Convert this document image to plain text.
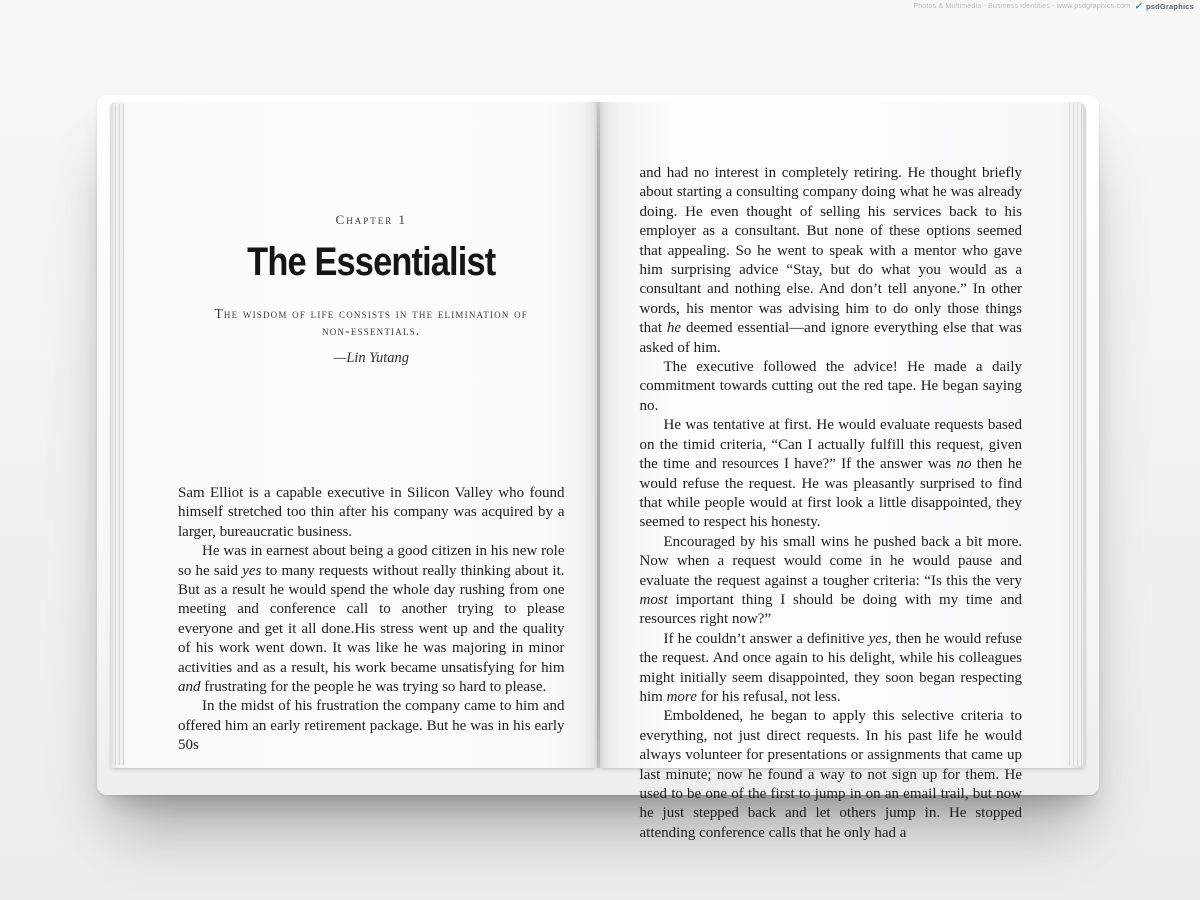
Photos & Multimedia - Business identities - www.psdgraphics.com ✓ psdGraphics
Chapter 1
The Essentialist
The wisdom of life consists in the elimination of non-essentials.
—Lin Yutang

Sam Elliot is a capable executive in Silicon Valley who found himself stretched too thin after his company was acquired by a larger, bureaucratic business.

He was in earnest about being a good citizen in his new role so he said yes to many requests without really thinking about it. But as a result he would spend the whole day rushing from one meeting and conference call to another trying to please everyone and get it all done.His stress went up and the quality of his work went down. It was like he was majoring in minor activities and as a result, his work became unsatisfying for him and frustrating for the people he was trying so hard to please.

In the midst of his frustration the company came to him and offered him an early retirement package. But he was in his early 50s

and had no interest in completely retiring. He thought briefly about starting a consulting company doing what he was already doing. He even thought of selling his services back to his employer as a consultant. But none of these options seemed that appealing. So he went to speak with a mentor who gave him surprising advice “Stay, but do what you would as a consultant and nothing else. And don’t tell anyone.” In other words, his mentor was advising him to do only those things that he deemed essential—and ignore everything else that was asked of him.

The executive followed the advice! He made a daily commitment towards cutting out the red tape. He began saying no.

He was tentative at first. He would evaluate requests based on the timid criteria, “Can I actually fulfill this request, given the time and resources I have?” If the answer was no then he would refuse the request. He was pleasantly surprised to find that while people would at first look a little disappointed, they seemed to respect his honesty.

Encouraged by his small wins he pushed back a bit more. Now when a request would come in he would pause and evaluate the request against a tougher criteria: “Is this the very most important thing I should be doing with my time and resources right now?”

If he couldn’t answer a definitive yes, then he would refuse the request. And once again to his delight, while his colleagues might initially seem disappointed, they soon began respecting him more for his refusal, not less.

Emboldened, he began to apply this selective criteria to everything, not just direct requests. In his past life he would always volunteer for presentations or assignments that came up last minute; now he found a way to not sign up for them. He used to be one of the first to jump in on an email trail, but now he just stepped back and let others jump in. He stopped attending conference calls that he only had a
